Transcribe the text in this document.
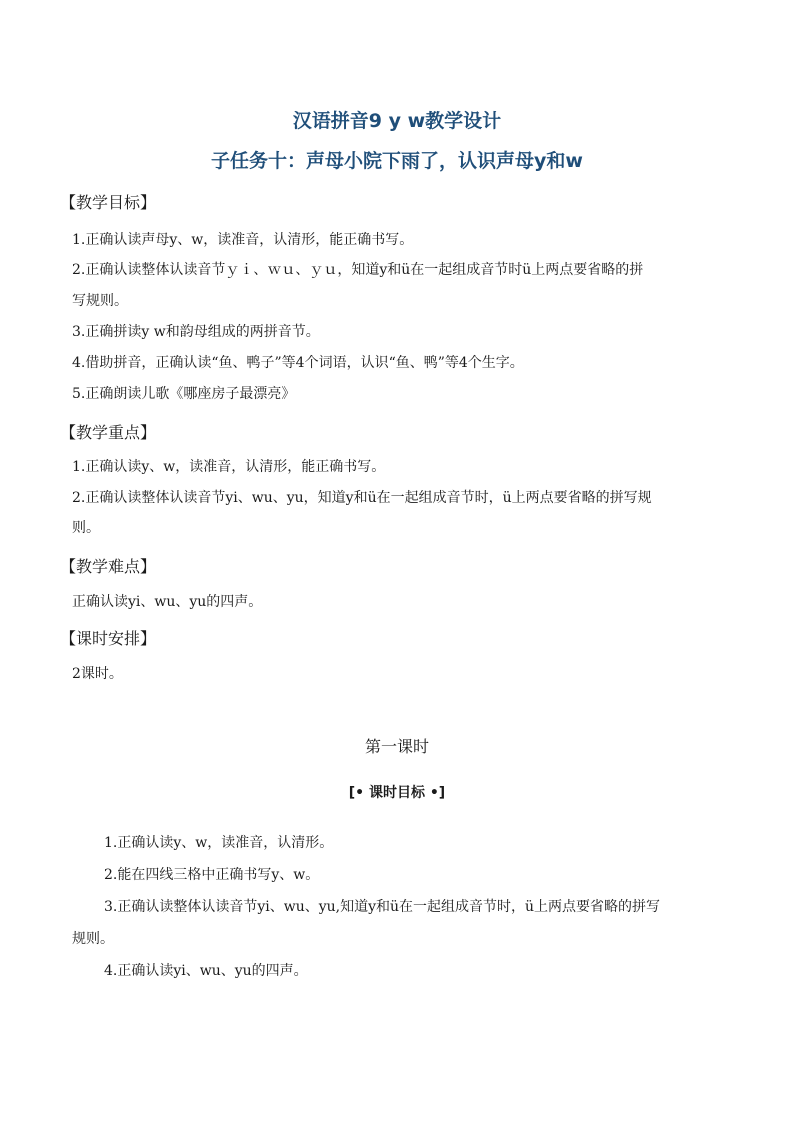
汉语拼音9 y w教学设计
子任务十：声母小院下雨了，认识声母y和w
【教学目标】
1.正确认读声母y、w，读准音，认清形，能正确书写。
2.正确认读整体认读音节ｙｉ、ｗｕ、ｙｕ，知道y和ü在一起组成音节时ü上两点要省略的拼
写规则。
3.正确拼读y w和韵母组成的两拼音节。
4.借助拼音，正确认读“鱼、鸭子”等4个词语，认识“鱼、鸭”等4个生字。
5.正确朗读儿歌《哪座房子最漂亮》
【教学重点】
1.正确认读y、w，读准音，认清形，能正确书写。
2.正确认读整体认读音节yi、wu、yu，知道y和ü在一起组成音节时，ü上两点要省略的拼写规
则。
【教学难点】
正确认读yi、wu、yu的四声。
【课时安排】
2课时。
第一课时
[• 课时目标 •]
1.正确认读y、w，读准音，认清形。
2.能在四线三格中正确书写y、w。
3.正确认读整体认读音节yi、wu、yu,知道y和ü在一起组成音节时，ü上两点要省略的拼写
规则。
4.正确认读yi、wu、yu的四声。
